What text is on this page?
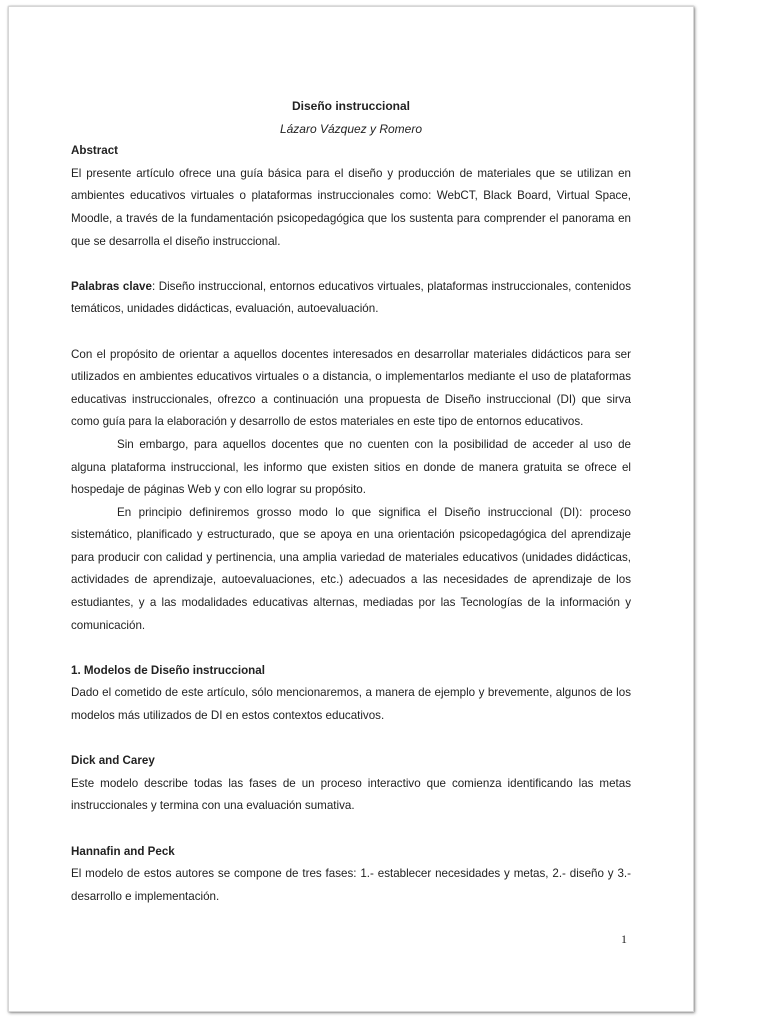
Diseño instruccional
Lázaro Vázquez y Romero
Abstract

El presente artículo ofrece una guía básica para el diseño y producción de materiales que se utilizan en ambientes educativos virtuales o plataformas instruccionales como: WebCT, Black Board, Virtual Space, Moodle, a través de la fundamentación psicopedagógica que los sustenta para comprender el panorama en que se desarrolla el diseño instruccional.

Palabras clave: Diseño instruccional, entornos educativos virtuales, plataformas instruccionales, contenidos temáticos, unidades didácticas, evaluación, autoevaluación.

Con el propósito de orientar a aquellos docentes interesados en desarrollar materiales didácticos para ser utilizados en ambientes educativos virtuales o a distancia, o implementarlos mediante el uso de plataformas educativas instruccionales, ofrezco a continuación una propuesta de Diseño instruccional (DI) que sirva como guía para la elaboración y desarrollo de estos materiales en este tipo de entornos educativos.

Sin embargo, para aquellos docentes que no cuenten con la posibilidad de acceder al uso de alguna plataforma instruccional, les informo que existen sitios en donde de manera gratuita se ofrece el hospedaje de páginas Web y con ello lograr su propósito.

En principio definiremos grosso modo lo que significa el Diseño instruccional (DI): proceso sistemático, planificado y estructurado, que se apoya en una orientación psicopedagógica del aprendizaje para producir con calidad y pertinencia, una amplia variedad de materiales educativos (unidades didácticas, actividades de aprendizaje, autoevaluaciones, etc.) adecuados a las necesidades de aprendizaje de los estudiantes, y a las modalidades educativas alternas, mediadas por las Tecnologías de la información y comunicación.

1. Modelos de Diseño instruccional

Dado el cometido de este artículo, sólo mencionaremos, a manera de ejemplo y brevemente, algunos de los modelos más utilizados de DI en estos contextos educativos.

Dick and Carey

Este modelo describe todas las fases de un proceso interactivo que comienza identificando las metas instruccionales y termina con una evaluación sumativa.

Hannafin and Peck

El modelo de estos autores se compone de tres fases: 1.- establecer necesidades y metas, 2.- diseño y 3.- desarrollo e implementación.

1
